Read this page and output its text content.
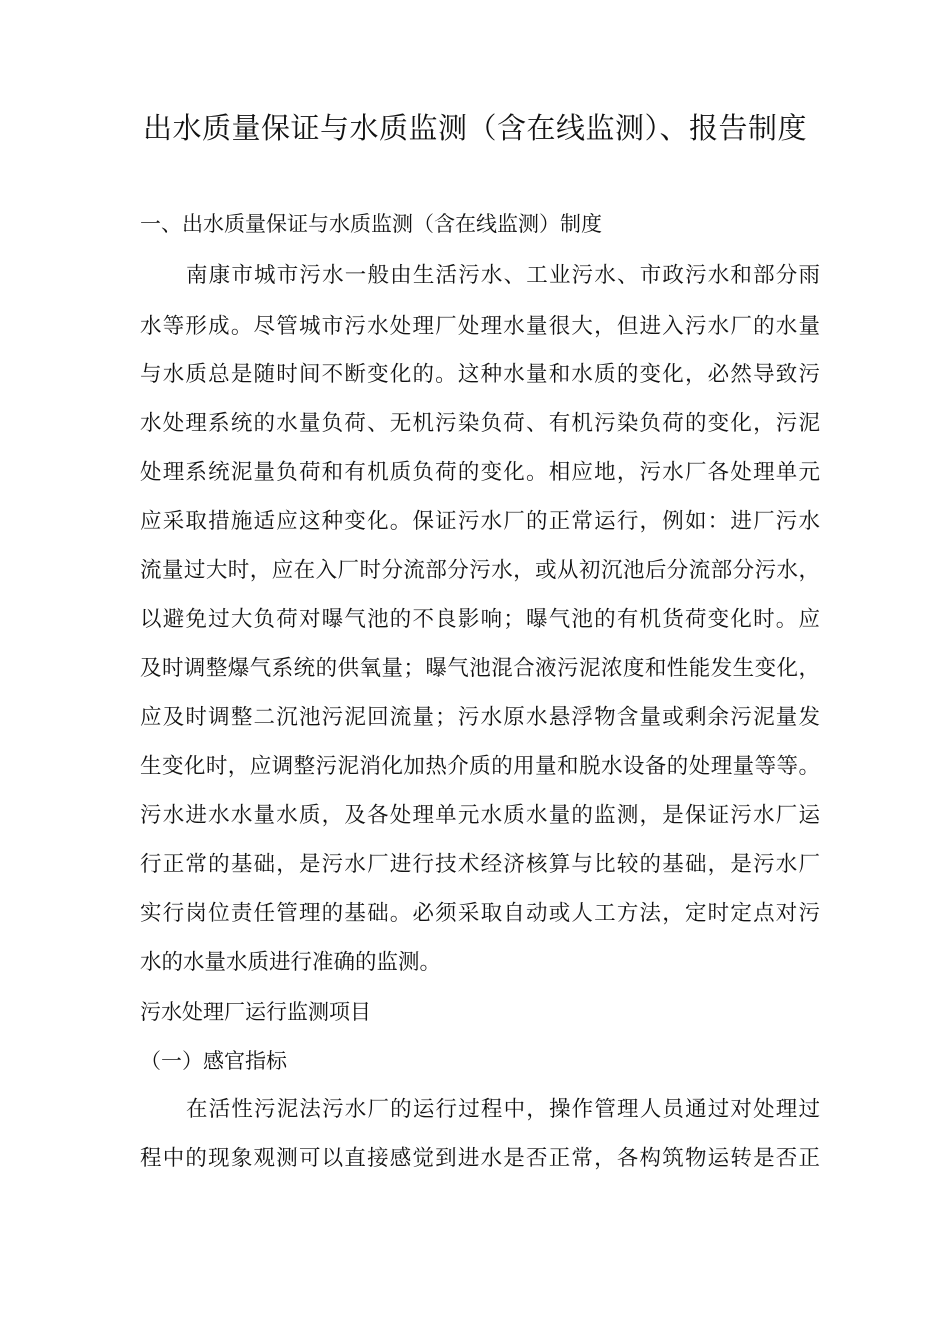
出水质量保证与水质监测（含在线监测）、报告制度
一、出水质量保证与水质监测（含在线监测）制度
南康市城市污水一般由生活污水、工业污水、市政污水和部分雨
水等形成。尽管城市污水处理厂处理水量很大，但进入污水厂的水量
与水质总是随时间不断变化的。这种水量和水质的变化，必然导致污
水处理系统的水量负荷、无机污染负荷、有机污染负荷的变化，污泥
处理系统泥量负荷和有机质负荷的变化。相应地，污水厂各处理单元
应采取措施适应这种变化。保证污水厂的正常运行，例如：进厂污水
流量过大时，应在入厂时分流部分污水，或从初沉池后分流部分污水，
以避免过大负荷对曝气池的不良影响；曝气池的有机货荷变化时。应
及时调整爆气系统的供氧量；曝气池混合液污泥浓度和性能发生变化，
应及时调整二沉池污泥回流量；污水原水悬浮物含量或剩余污泥量发
生变化时，应调整污泥消化加热介质的用量和脱水设备的处理量等等。
污水进水水量水质，及各处理单元水质水量的监测，是保证污水厂运
行正常的基础，是污水厂进行技术经济核算与比较的基础，是污水厂
实行岗位责任管理的基础。必须采取自动或人工方法，定时定点对污
水的水量水质进行准确的监测。
污水处理厂运行监测项目
（一）感官指标
在活性污泥法污水厂的运行过程中，操作管理人员通过对处理过
程中的现象观测可以直接感觉到进水是否正常，各构筑物运转是否正
